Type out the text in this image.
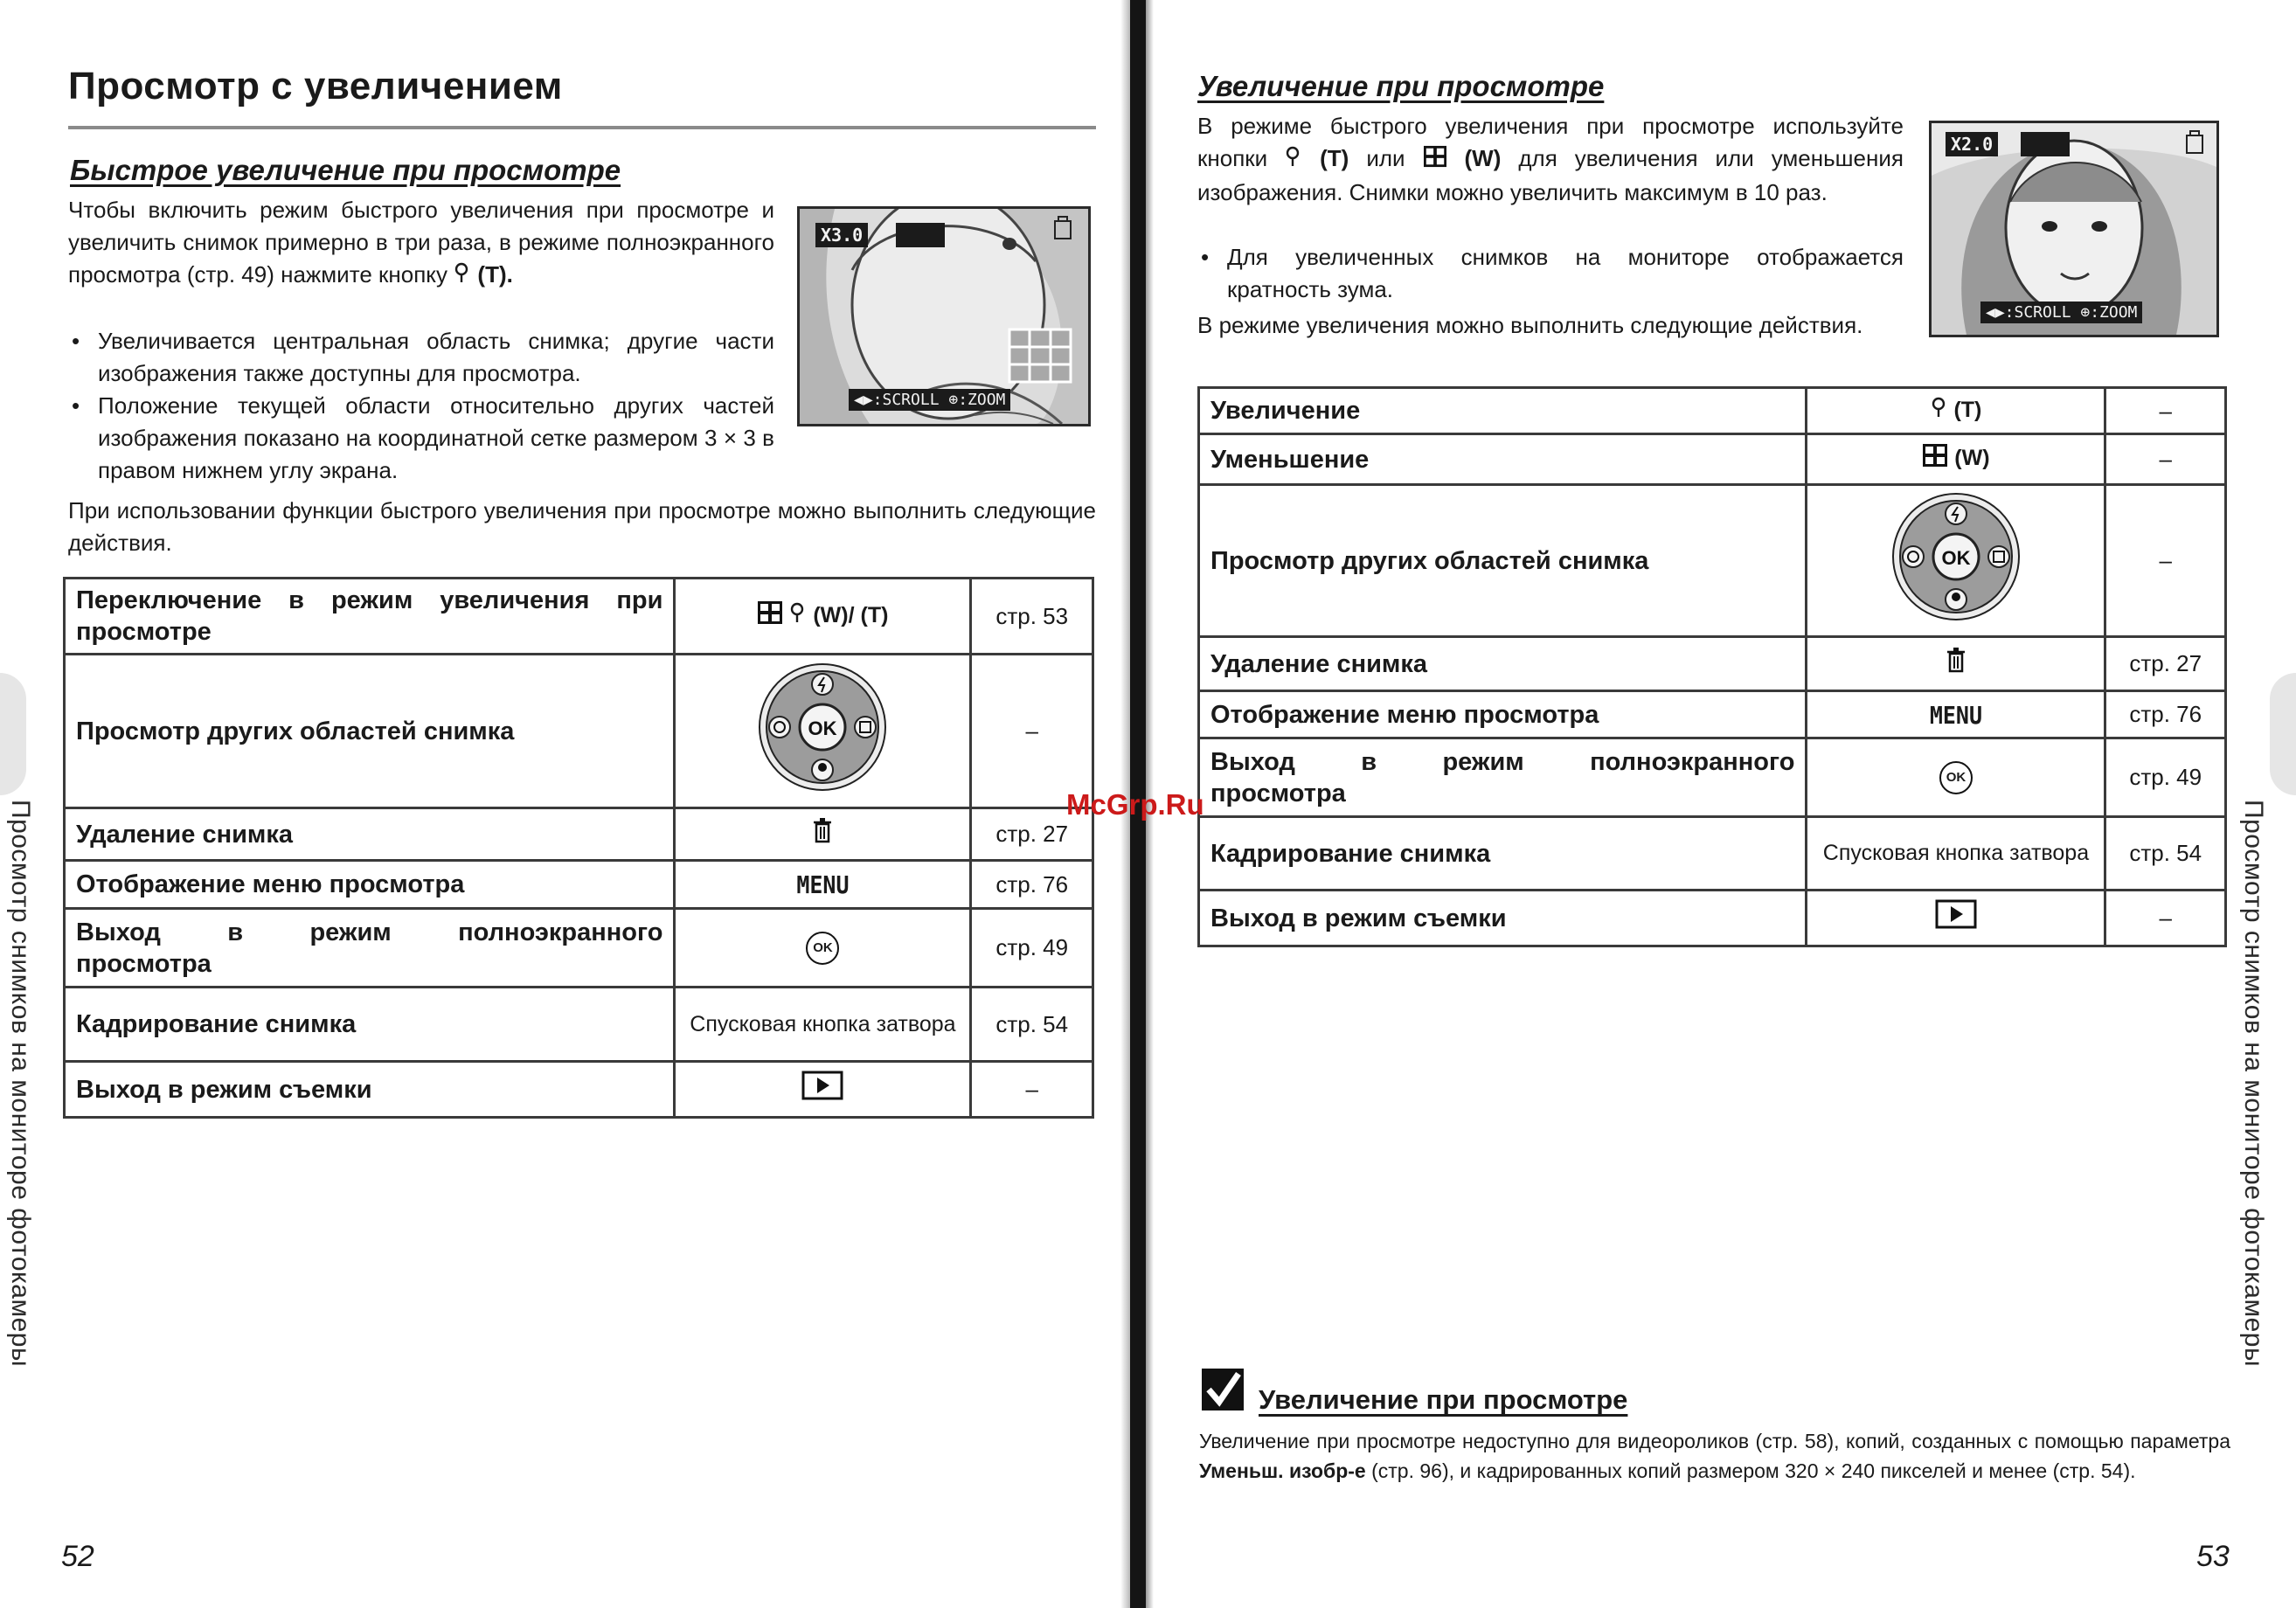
Просмотр с увеличением
Быстрое увеличение при просмотре
Чтобы включить режим быстрого увеличения при просмотре и увеличить снимок примерно в три раза, в режиме полноэкранного просмотра (стр. 49) нажмите кнопку (T).
• Увеличивается центральная область снимка; другие части изображения также доступны для просмотра.
• Положение текущей области относительно других частей изображения показано на координатной сетке размером 3 × 3 в правом нижнем углу экрана.
При использовании функции быстрого увеличения при просмотре можно выполнить следующие действия.
X3.0
◀▶:SCROLL ⊕:ZOOM
Переключение в режим увеличения при просмотре	(W)/ (T)	стр. 53
Просмотр других областей снимка	OK	–
Удаление снимка		стр. 27
Отображение меню просмотра	MENU	стр. 76

Выход в режим полноэкранного
просмотра	OK	стр. 49
Кадрирование снимка	Спусковая кнопка затвора	стр. 54
Выход в режим съемки		–
Просмотр снимков на мониторе фотокамеры
52
Увеличение при просмотре
В режиме быстрого увеличения при просмотре используйте кнопки (T) или	(W) для увеличения или уменьшения изображения. Снимки можно увеличить максимум в 10 раз.
• Для увеличенных снимков на мониторе отображается кратность зума.
В режиме увеличения можно выполнить следующие действия.
X2.0
◀▶:SCROLL ⊕:ZOOM
Увеличение	(T)	–
Уменьшение	(W)	–
Просмотр других областей снимка	OK	–
Удаление снимка		стр. 27
Отображение меню просмотра	MENU	стр. 76

Выход в режим полноэкранного
просмотра	OK	стр. 49
Кадрирование снимка	Спусковая кнопка затвора	стр. 54
Выход в режим съемки		–
Увеличение при просмотре
Увеличение при просмотре недоступно для видеороликов (стр. 58), копий, созданных с помощью параметра Уменьш. изобр-е (стр. 96), и кадрированных копий размером 320 × 240 пикселей и менее (стр. 54).
Просмотр снимков на мониторе фотокамеры
53
McGrp.Ru
